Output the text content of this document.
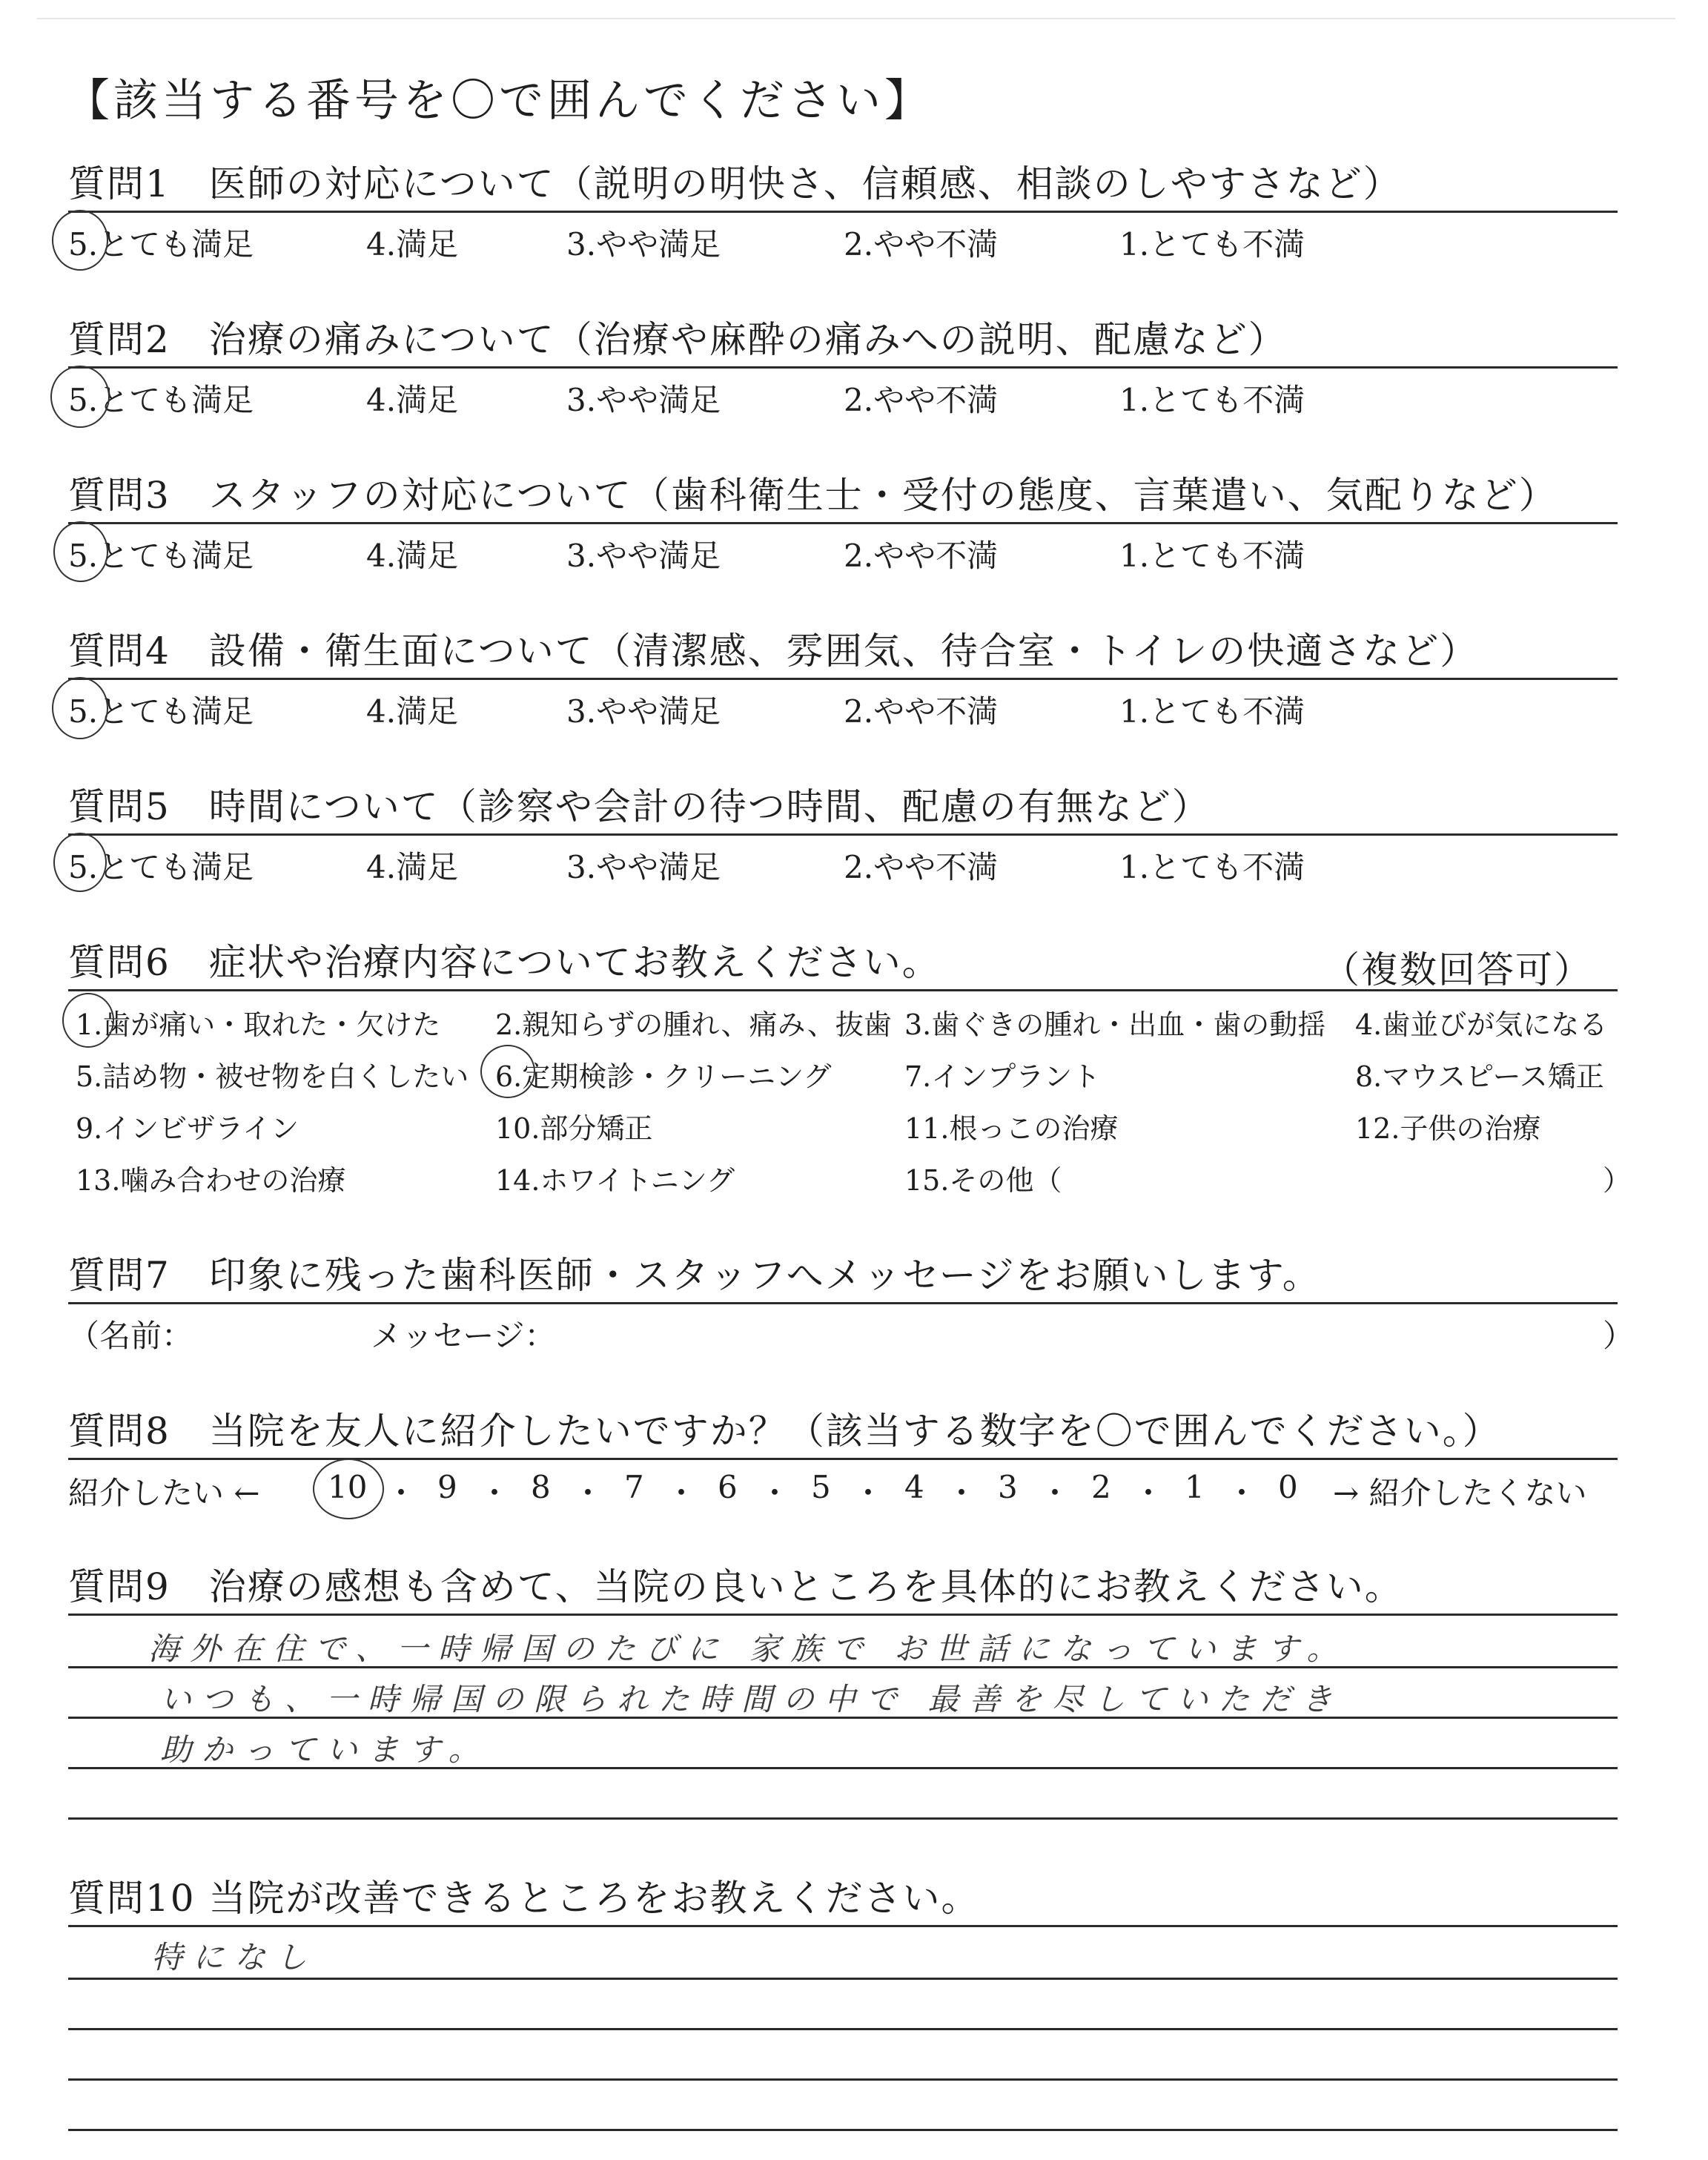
【該当する番号を〇で囲んでください】
質問1　医師の対応について（説明の明快さ、信頼感、相談のしやすさなど）
5.とても満足	4.満足	3.やや満足	2.やや不満	1.とても不満
質問2　治療の痛みについて（治療や麻酔の痛みへの説明、配慮など）
5.とても満足	4.満足	3.やや満足	2.やや不満	1.とても不満
質問3　スタッフの対応について（歯科衛生士・受付の態度、言葉遣い、気配りなど）
5.とても満足	4.満足	3.やや満足	2.やや不満	1.とても不満
質問4　設備・衛生面について（清潔感、雰囲気、待合室・トイレの快適さなど）
5.とても満足	4.満足	3.やや満足	2.やや不満	1.とても不満
質問5　時間について（診察や会計の待つ時間、配慮の有無など）
5.とても満足	4.満足	3.やや満足	2.やや不満	1.とても不満
質問6　症状や治療内容についてお教えください。	（複数回答可）
1.歯が痛い・取れた・欠けた 2.親知らずの腫れ、痛み、抜歯 3.歯ぐきの腫れ・出血・歯の動揺 4.歯並びが気になる
5.詰め物・被せ物を白くしたい 6.定期検診・クリーニング	7.インプラント	8.マウスピース矯正
9.インビザライン	10.部分矯正	11.根っこの治療	12.子供の治療
13.噛み合わせの治療	14.ホワイトニング	15.その他（	）
質問7　印象に残った歯科医師・スタッフへメッセージをお願いします。
（名前：	メッセージ：	）
質問8　当院を友人に紹介したいですか？（該当する数字を〇で囲んでください。）
紹介したい ← 10 ・ 9 ・ 8 ・ 7 ・ 6 ・ 5 ・ 4 ・ 3 ・ 2 ・ 1 ・ 0 → 紹介したくない
質問9　治療の感想も含めて、当院の良いところを具体的にお教えください。
海外在住で、一時帰国のたびに 家族で お世話になっています。
いつも、一時帰国の限られた時間の中で 最善を尽していただき
助かっています。
質問10 当院が改善できるところをお教えください。
特になし
